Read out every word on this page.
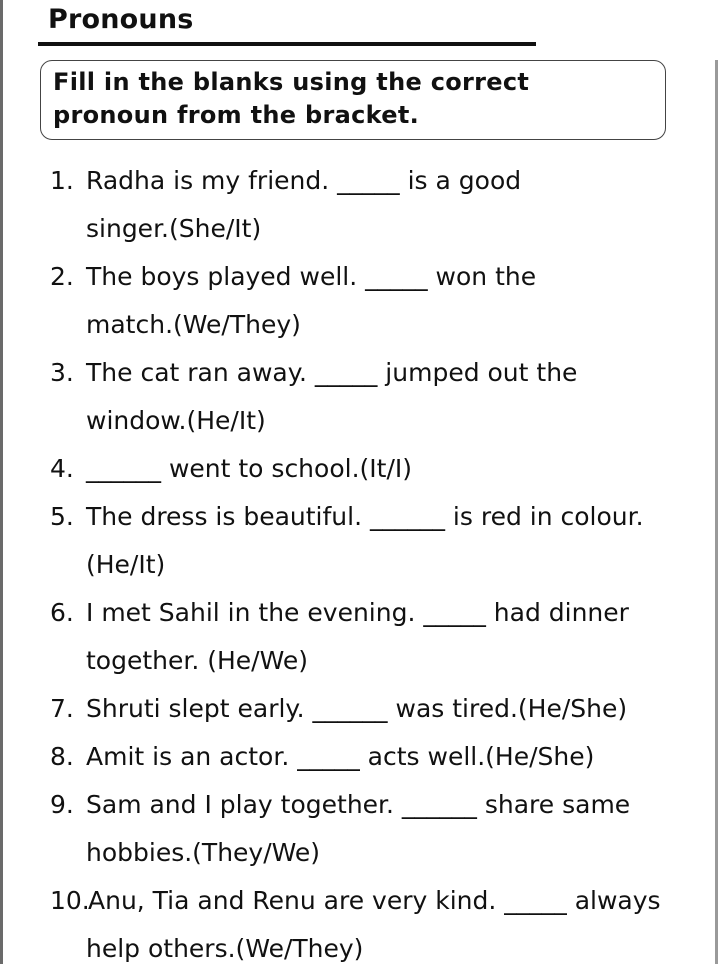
Pronouns
Fill in the blanks using the correct pronoun from the bracket.
1. Radha is my friend. _____ is a good
singer.(She/It)
2. The boys played well. _____ won the
match.(We/They)
3. The cat ran away. _____ jumped out the
window.(He/It)
4. ______ went to school.(It/I)
5. The dress is beautiful. ______ is red in colour.
(He/It)
6. I met Sahil in the evening. _____ had dinner
together. (He/We)
7. Shruti slept early. ______ was tired.(He/She)
8. Amit is an actor. _____ acts well.(He/She)
9. Sam and I play together. ______ share same
hobbies.(They/We)
10.
Anu, Tia and Renu are very kind. _____ always
help others.(We/They)
